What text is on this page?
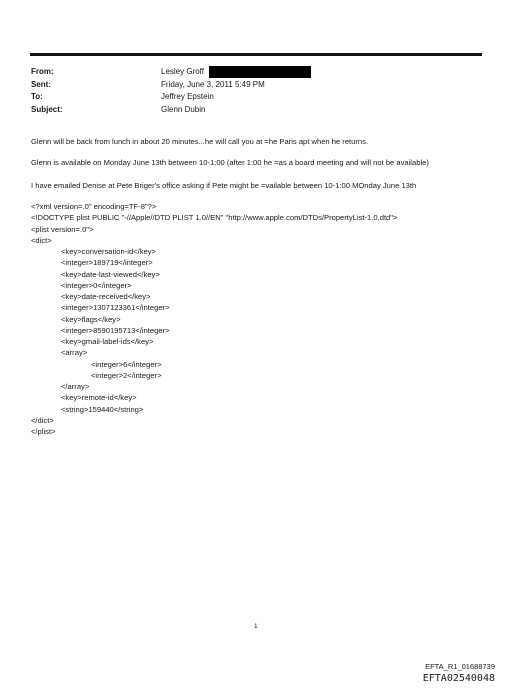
From:	Lesley Groff
Sent:	Friday, June 3, 2011 5:49 PM
To:	Jeffrey Epstein
Subject:	Glenn Dubin
Glenn will be back from lunch in about 20 minutes...he will call you at =he Paris apt when he returns.
Glenn is available on Monday June 13th between 10-1:00 (after 1:00 he =as a board meeting and will not be available)
I have emailed Denise at Pete Briger's office asking if Pete might be =vailable between 10-1:00 MOnday June 13th
<?xml version=.0" encoding=TF-8"?>
<!DOCTYPE plist PUBLIC "-//Apple//DTD PLIST 1.0//EN" "http://www.apple.com/DTDs/PropertyList-1.0.dtd">
<plist version=.0">
<dict>
<key>conversation-id</key>
<integer>189719</integer>
<key>date-last-viewed</key>
<integer>0</integer>
<key>date-received</key>
<integer>1307123361</integer>
<key>flags</key>
<integer>8590195713</integer>
<key>gmail-label-ids</key>
<array>
<integer>6</integer>
<integer>2</integer>
</array>
<key>remote-id</key>
<string>159440</string>
</dict>
</plist>
1
EFTA_R1_01688739
EFTA02540048
